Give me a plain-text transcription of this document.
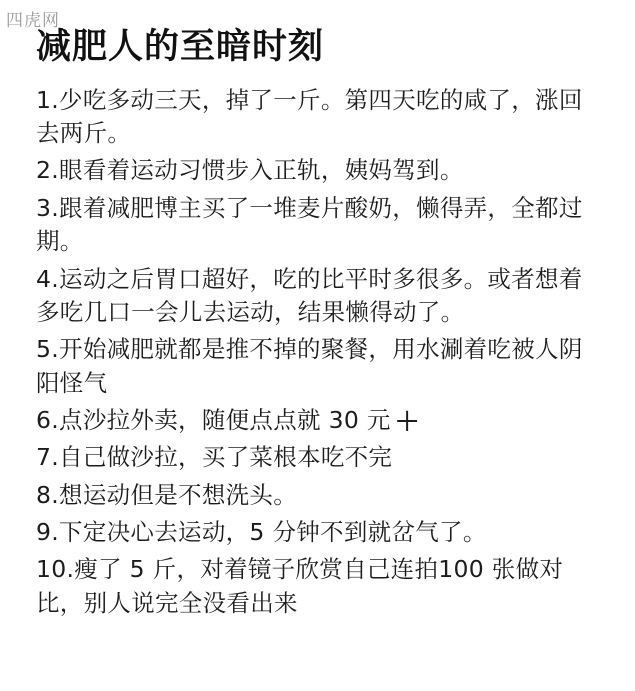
四虎网
减肥人的至暗时刻

1.少吃多动三天，掉了一斤。第四天吃的咸了，涨回去两斤。

2.眼看着运动习惯步入正轨，姨妈驾到。

3.跟着减肥博主买了一堆麦片酸奶，懒得弄，全都过期。

4.运动之后胃口超好，吃的比平时多很多。或者想着多吃几口一会儿去运动，结果懒得动了。

5.开始减肥就都是推不掉的聚餐，用水涮着吃被人阴阳怪气

6.点沙拉外卖，随便点点就 30 元 ＋

7.自己做沙拉，买了菜根本吃不完

8.想运动但是不想洗头。

9.下定决心去运动，5 分钟不到就岔气了。

10.瘦了 5 斤，对着镜子欣赏自己连拍100 张做对比，别人说完全没看出来
